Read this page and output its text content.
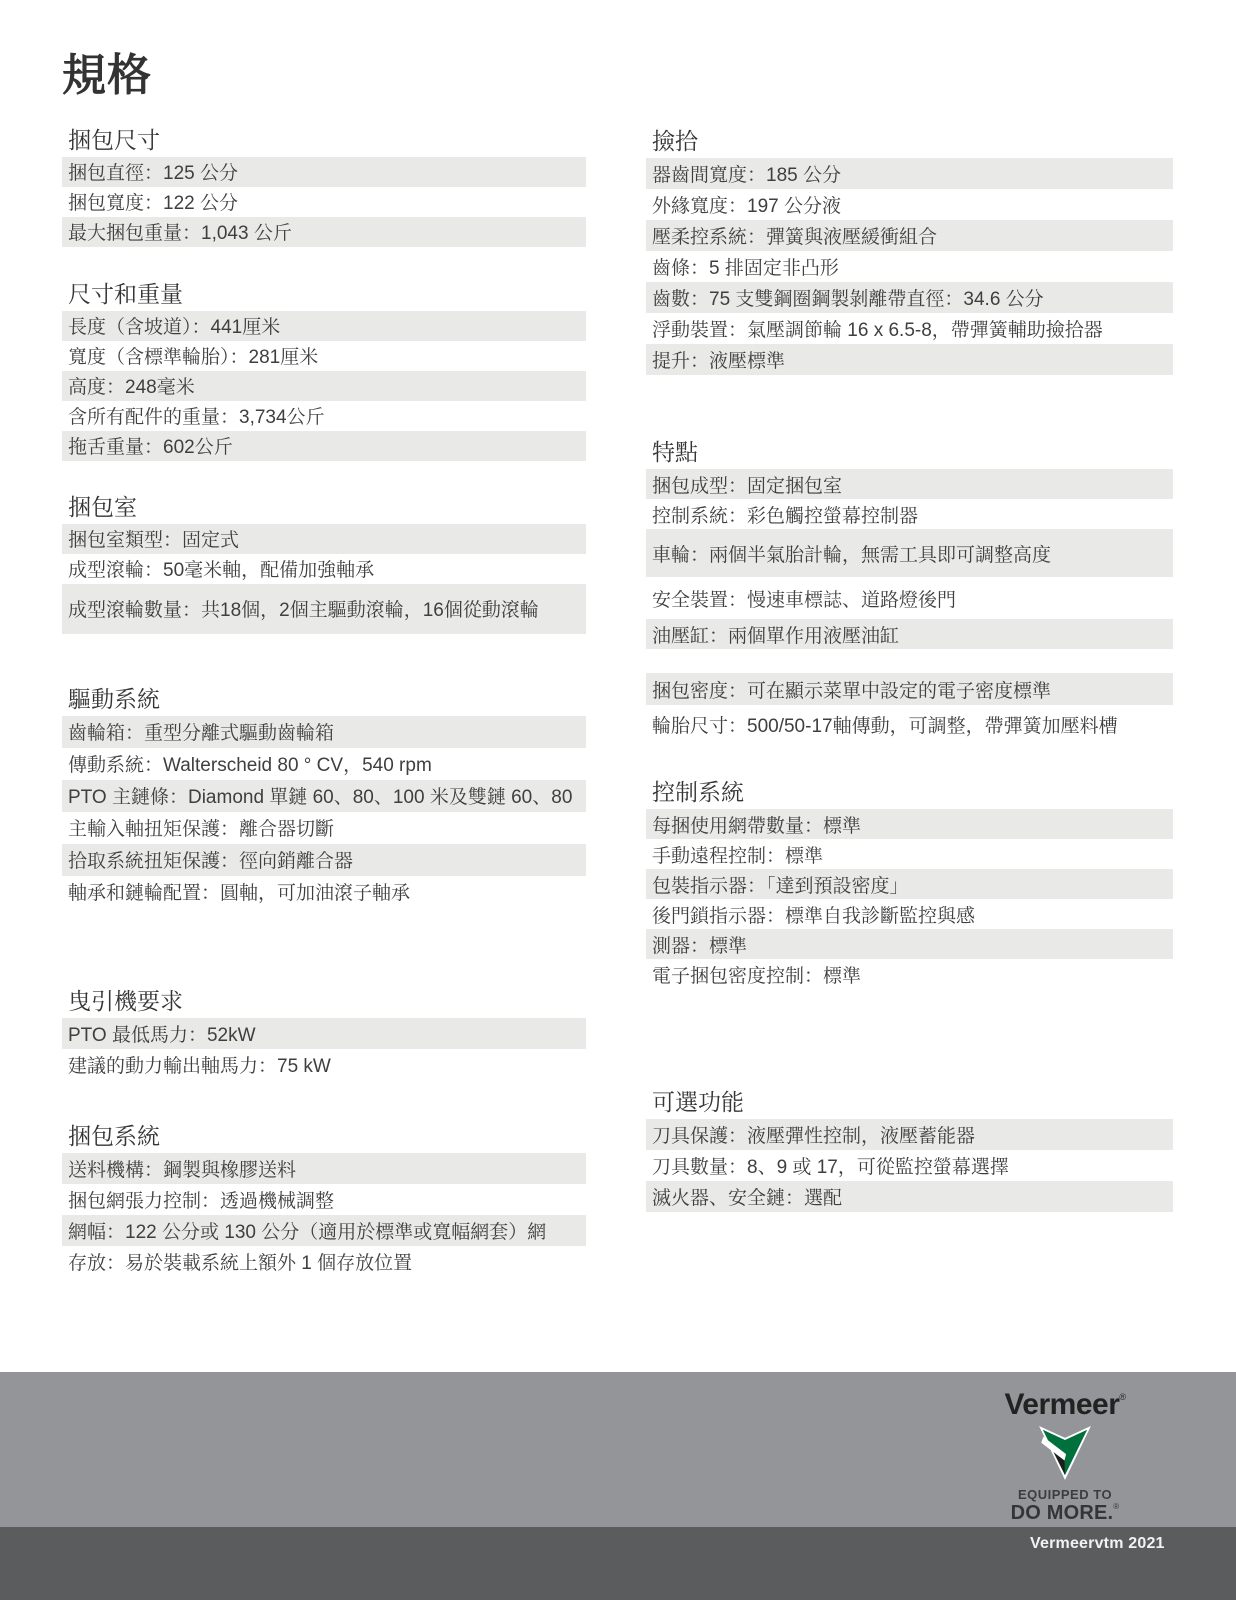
規格
捆包尺寸
捆包直徑：125 公分
捆包寬度：122 公分
最大捆包重量：1,043 公斤
尺寸和重量
長度（含坡道）：441厘米
寬度（含標準輪胎）：281厘米
高度：248毫米
含所有配件的重量：3,734公斤
拖舌重量：602公斤
捆包室
捆包室類型：固定式
成型滾輪：50毫米軸，配備加強軸承
成型滾輪數量：共18個，2個主驅動滾輪，16個從動滾輪
驅動系統
齒輪箱：重型分離式驅動齒輪箱
傳動系統：Walterscheid 80 ° CV，540 rpm
PTO 主鏈條：Diamond 單鏈 60、80、100 米及雙鏈 60、80
主輸入軸扭矩保護：離合器切斷
拾取系統扭矩保護：徑向銷離合器
軸承和鏈輪配置：圓軸，可加油滾子軸承
曳引機要求
PTO 最低馬力：52kW
建議的動力輸出軸馬力：75 kW
捆包系統
送料機構：鋼製與橡膠送料
捆包網張力控制：透過機械調整
網幅：122 公分或 130 公分（適用於標準或寬幅網套）網
存放：易於裝載系統上額外 1 個存放位置
撿拾
器齒間寬度：185 公分
外緣寬度：197 公分液
壓柔控系統：彈簧與液壓緩衝組合
齒條：5 排固定非凸形
齒數：75 支雙鋼圈鋼製剝離帶直徑：34.6 公分
浮動裝置：氣壓調節輪 16 x 6.5-8，帶彈簧輔助撿拾器
提升：液壓標準
特點
捆包成型：固定捆包室
控制系統：彩色觸控螢幕控制器
車輪：兩個半氣胎計輪，無需工具即可調整高度
安全裝置：慢速車標誌、道路燈後門
油壓缸：兩個單作用液壓油缸
捆包密度：可在顯示菜單中設定的電子密度標準
輪胎尺寸：500/50-17軸傳動，可調整，帶彈簧加壓料槽
控制系統
每捆使用網帶數量：標準
手動遠程控制：標準
包裝指示器：「達到預設密度」
後門鎖指示器：標準自我診斷監控與感
測器：標準
電子捆包密度控制：標準
可選功能
刀具保護：液壓彈性控制，液壓蓄能器
刀具數量：8、9 或 17，可從監控螢幕選擇
滅火器、安全鏈：選配
Vermeer®
EQUIPPED TO
DO MORE.®
Vermeervtm 2021
